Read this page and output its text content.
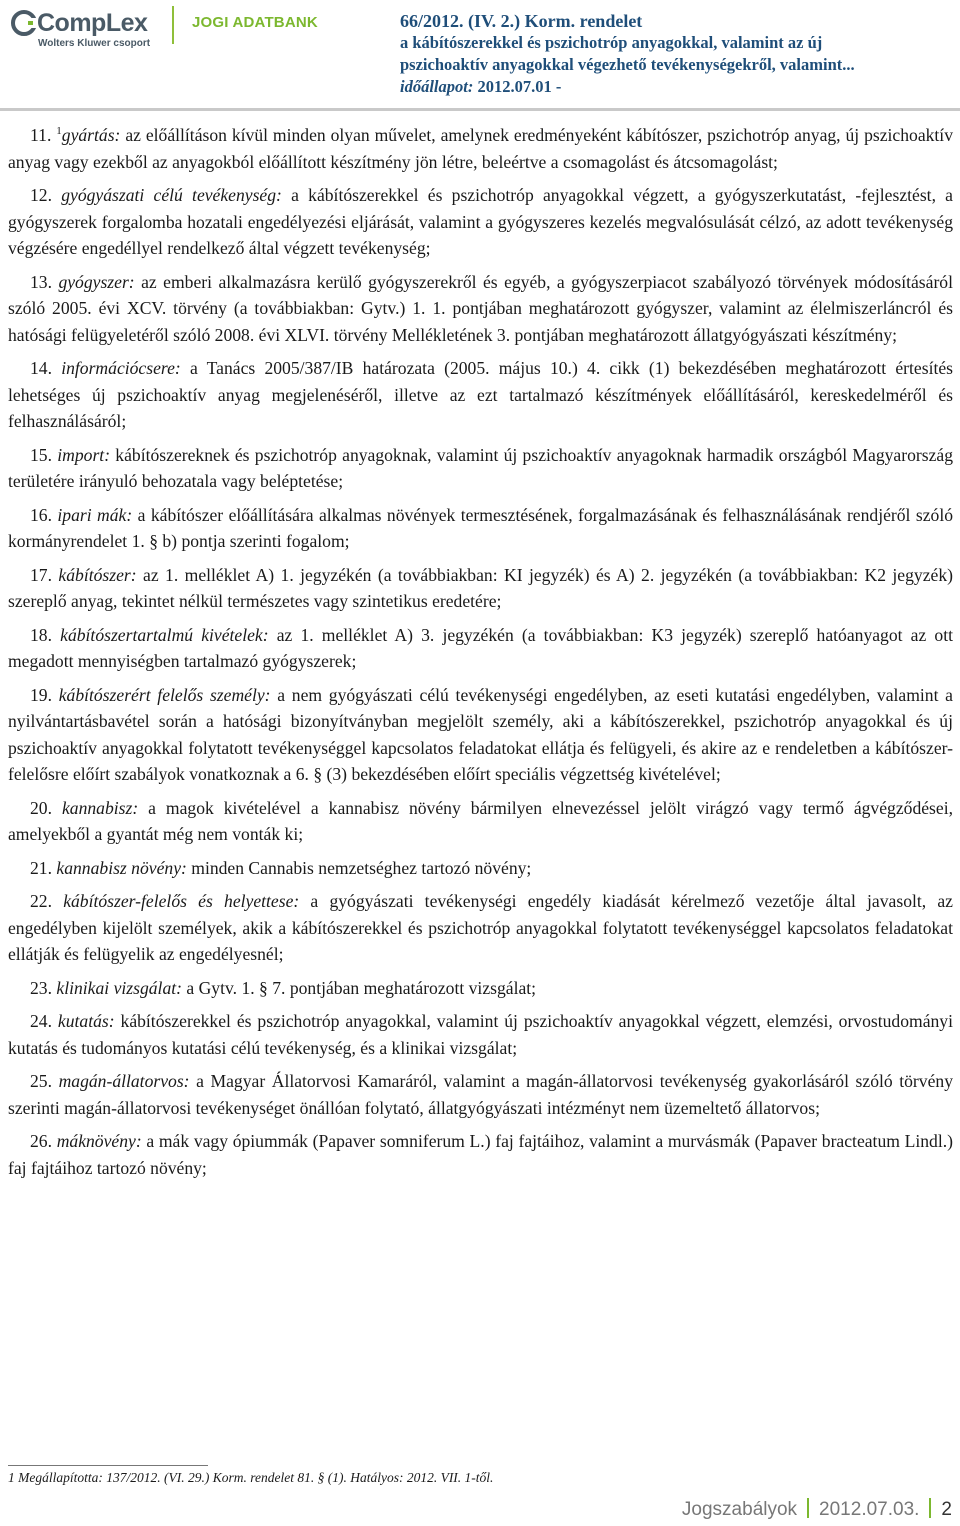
CompLex
Wolters Kluwer csoport
JOGI ADATBANK	66/2012. (IV. 2.) Korm. rendelet
a kábítószerekkel és pszichotróp anyagokkal, valamint az új
pszichoaktív anyagokkal végezhető tevékenységekről, valamint...
időállapot: 2012.07.01 -

11. $^1$gyártás: az előállításon kívül minden olyan művelet, amelynek eredményeként kábítószer, pszichotróp anyag, új pszichoaktív anyag vagy ezekből az anyagokból előállított készítmény jön létre, beleértve a csomagolást és átcsomagolást;

12. gyógyászati célú tevékenység: a kábítószerekkel és pszichotróp anyagokkal végzett, a gyógyszerkutatást, -fejlesztést, a gyógyszerek forgalomba hozatali engedélyezési eljárását, valamint a gyógyszeres kezelés megvalósulását célzó, az adott tevékenység végzésére engedéllyel rendelkező által végzett tevékenység;

13. gyógyszer: az emberi alkalmazásra kerülő gyógyszerekről és egyéb, a gyógyszerpiacot szabályozó törvények módosításáról szóló 2005. évi XCV. törvény (a továbbiakban: Gytv.) 1. 1. pontjában meghatározott gyógyszer, valamint az élelmiszerláncról és hatósági felügyeletéről szóló 2008. évi XLVI. törvény Mellékletének 3. pontjában meghatározott állatgyógyászati készítmény;

14. információcsere: a Tanács 2005/387/IB határozata (2005. május 10.) 4. cikk (1) bekezdésében meghatározott értesítés lehetséges új pszichoaktív anyag megjelenéséről, illetve az ezt tartalmazó készítmények előállításáról, kereskedelméről és felhasználásáról;

15. import: kábítószereknek és pszichotróp anyagoknak, valamint új pszichoaktív anyagoknak harmadik országból Magyarország területére irányuló behozatala vagy beléptetése;

16. ipari mák: a kábítószer előállítására alkalmas növények termesztésének, forgalmazásának és felhasználásának rendjéről szóló kormányrendelet 1. § b) pontja szerinti fogalom;

17. kábítószer: az 1. melléklet A) 1. jegyzékén (a továbbiakban: KI jegyzék) és A) 2. jegyzékén (a továbbiakban: K2 jegyzék) szereplő anyag, tekintet nélkül természetes vagy szintetikus eredetére;

18. kábítószertartalmú kivételek: az 1. melléklet A) 3. jegyzékén (a továbbiakban: K3 jegyzék) szereplő hatóanyagot az ott megadott mennyiségben tartalmazó gyógyszerek;

19. kábítószerért felelős személy: a nem gyógyászati célú tevékenységi engedélyben, az eseti kutatási engedélyben, valamint a nyilvántartásbavétel során a hatósági bizonyítványban megjelölt személy, aki a kábítószerekkel, pszichotróp anyagokkal és új pszichoaktív anyagokkal folytatott tevékenységgel kapcsolatos feladatokat ellátja és felügyeli, és akire az e rendeletben a kábítószer-felelősre előírt szabályok vonatkoznak a 6. § (3) bekezdésében előírt speciális végzettség kivételével;

20. kannabisz: a magok kivételével a kannabisz növény bármilyen elnevezéssel jelölt virágzó vagy termő ágvégződései, amelyekből a gyantát még nem vonták ki;

21. kannabisz növény: minden Cannabis nemzetséghez tartozó növény;

22. kábítószer-felelős és helyettese: a gyógyászati tevékenységi engedély kiadását kérelmező vezetője által javasolt, az engedélyben kijelölt személyek, akik a kábítószerekkel és pszichotróp anyagokkal folytatott tevékenységgel kapcsolatos feladatokat ellátják és felügyelik az engedélyesnél;

23. klinikai vizsgálat: a Gytv. 1. § 7. pontjában meghatározott vizsgálat;

24. kutatás: kábítószerekkel és pszichotróp anyagokkal, valamint új pszichoaktív anyagokkal végzett, elemzési, orvostudományi kutatás és tudományos kutatási célú tevékenység, és a klinikai vizsgálat;

25. magán-állatorvos: a Magyar Állatorvosi Kamaráról, valamint a magán-állatorvosi tevékenység gyakorlásáról szóló törvény szerinti magán-állatorvosi tevékenységet önállóan folytató, állatgyógyászati intézményt nem üzemeltető állatorvos;

26. máknövény: a mák vagy ópiummák (Papaver somniferum L.) faj fajtáihoz, valamint a murvásmák (Papaver bracteatum Lindl.) faj fajtáihoz tartozó növény;

1 Megállapította: 137/2012. (VI. 29.) Korm. rendelet 81. § (1). Hatályos: 2012. VII. 1-től.
Jogszabályok 2012.07.03. 2
